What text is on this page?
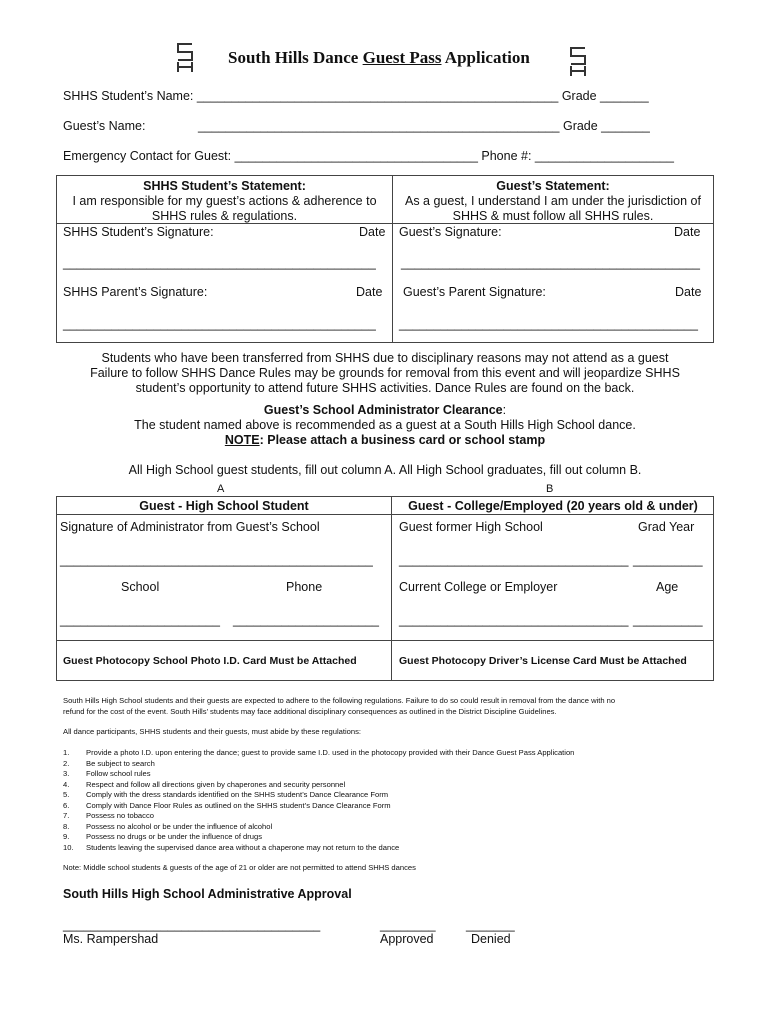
South Hills Dance Guest Pass Application
SHHS Student’s Name: ____________________________________________________ Grade _______
Guest’s Name:	____________________________________________________ Grade _______
Emergency Contact for Guest: ___________________________________ Phone #: ____________________
SHHS Student’s Statement:
I am responsible for my guest’s actions & adherence to
SHHS rules & regulations.
Guest’s Statement:
As a guest, I understand I am under the jurisdiction of
SHHS & must follow all SHHS rules.
SHHS Student’s Signature:	Date Guest’s Signature:	Date
_____________________________________________ ___________________________________________
SHHS Parent’s Signature:	Date Guest’s Parent Signature:	Date
_____________________________________________ ___________________________________________
Students who have been transferred from SHHS due to disciplinary reasons may not attend as a guest
Failure to follow SHHS Dance Rules may be grounds for removal from this event and will jeopardize SHHS
student’s opportunity to attend future SHHS activities. Dance Rules are found on the back.
Guest’s School Administrator Clearance:
The student named above is recommended as a guest at a South Hills High School dance.
NOTE: Please attach a business card or school stamp
All High School guest students, fill out column A. All High School graduates, fill out column B.
A	B
Guest - High School Student	Guest - College/Employed (20 years old & under)
Signature of Administrator from Guest’s School	Guest former High School	Grad Year
_____________________________________________ _________________________________ __________
School	Phone	Current College or Employer	Age
_______________________ _____________________ _________________________________ __________
Guest Photocopy School Photo I.D. Card Must be Attached	Guest Photocopy Driver’s License Card Must be Attached
South Hills High School students and their guests are expected to adhere to the following regulations. Failure to do so could result in removal from the dance with no
refund for the cost of the event. South Hills’ students may face additional disciplinary consequences as outlined in the District Discipline Guidelines.
All dance participants, SHHS students and their guests, must abide by these regulations:
1. Provide a photo I.D. upon entering the dance; guest to provide same I.D. used in the photocopy provided with their Dance Guest Pass Application
2. Be subject to search
3. Follow school rules
4. Respect and follow all directions given by chaperones and security personnel
5. Comply with the dress standards identified on the SHHS student’s Dance Clearance Form
6. Comply with Dance Floor Rules as outlined on the SHHS student’s Dance Clearance Form
7. Possess no tobacco
8. Possess no alcohol or be under the influence of alcohol
9. Possess no drugs or be under the influence of drugs
10. Students leaving the supervised dance area without a chaperone may not return to the dance
Note: Middle school students & guests of the age of 21 or older are not permitted to attend SHHS dances
South Hills High School Administrative Approval
_____________________________________	________ _______
Ms. Rampershad	Approved	Denied
